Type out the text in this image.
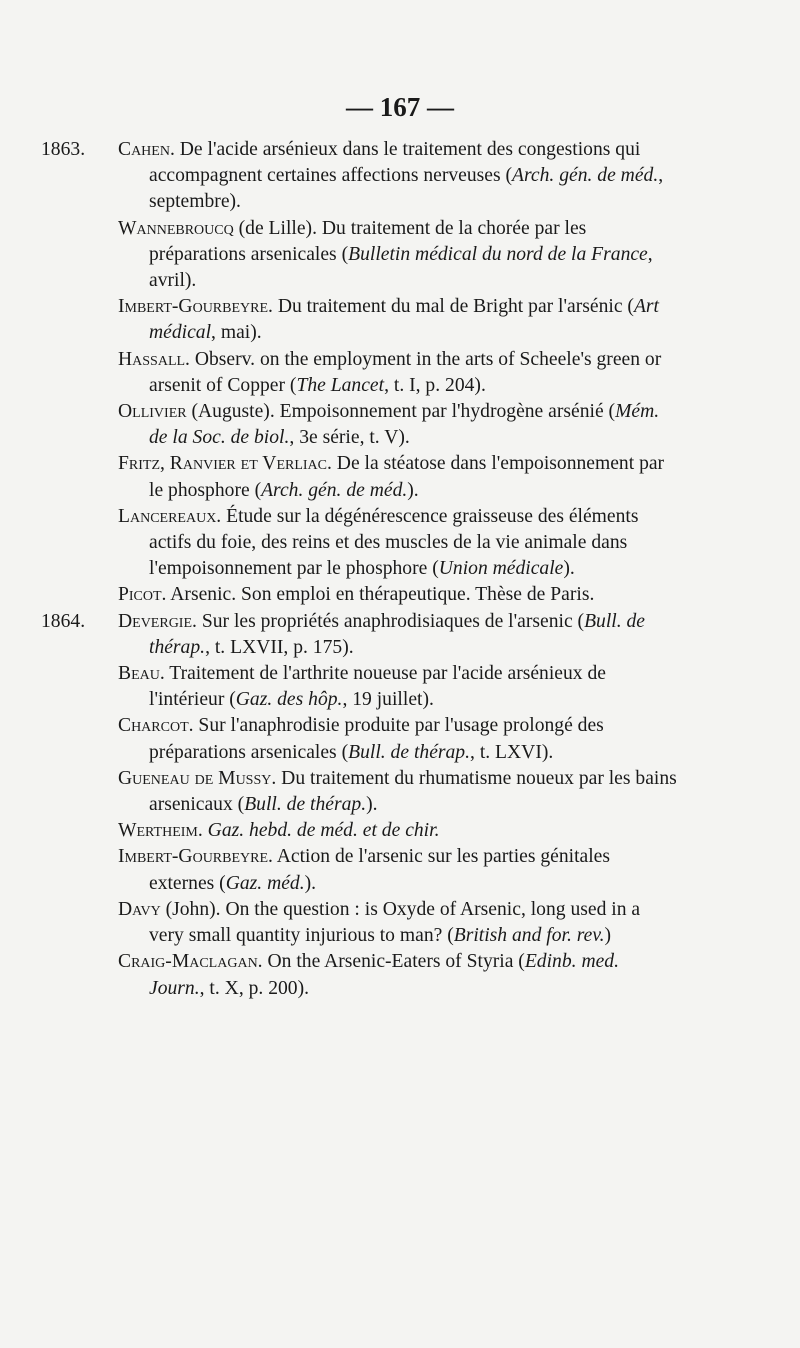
— 167 —
1863. Cahen. De l'acide arsénieux dans le traitement des congestions qui accompagnent certaines affections nerveuses (Arch. gén. de méd., septembre).
Wannebroucq (de Lille). Du traitement de la chorée par les préparations arsenicales (Bulletin médical du nord de la France, avril).
Imbert-Gourbeyre. Du traitement du mal de Bright par l'arsénic (Art médical, mai).
Hassall. Observ. on the employment in the arts of Scheele's green or arsenit of Copper (The Lancet, t. I, p. 204).
Ollivier (Auguste). Empoisonnement par l'hydrogène arsénié (Mém. de la Soc. de biol., 3e série, t. V).
Fritz, Ranvier et Verliac. De la stéatose dans l'empoisonnement par le phosphore (Arch. gén. de méd.).
Lancereaux. Étude sur la dégénérescence graisseuse des éléments actifs du foie, des reins et des muscles de la vie animale dans l'empoisonnement par le phosphore (Union médicale).
Picot. Arsenic. Son emploi en thérapeutique. Thèse de Paris.
1864. Devergie. Sur les propriétés anaphrodisiaques de l'arsenic (Bull. de thérap., t. LXVII, p. 175).
Beau. Traitement de l'arthrite noueuse par l'acide arsénieux de l'intérieur (Gaz. des hôp., 19 juillet).
Charcot. Sur l'anaphrodisie produite par l'usage prolongé des préparations arsenicales (Bull. de thérap., t. LXVI).
Gueneau de Mussy. Du traitement du rhumatisme noueux par les bains arsenicaux (Bull. de thérap.).
Wertheim. Gaz. hebd. de méd. et de chir.
Imbert-Gourbeyre. Action de l'arsenic sur les parties génitales externes (Gaz. méd.).
Davy (John). On the question : is Oxyde of Arsenic, long used in a very small quantity injurious to man? (British and for. rev.)
Craig-Maclagan. On the Arsenic-Eaters of Styria (Edinb. med. Journ., t. X, p. 200).
